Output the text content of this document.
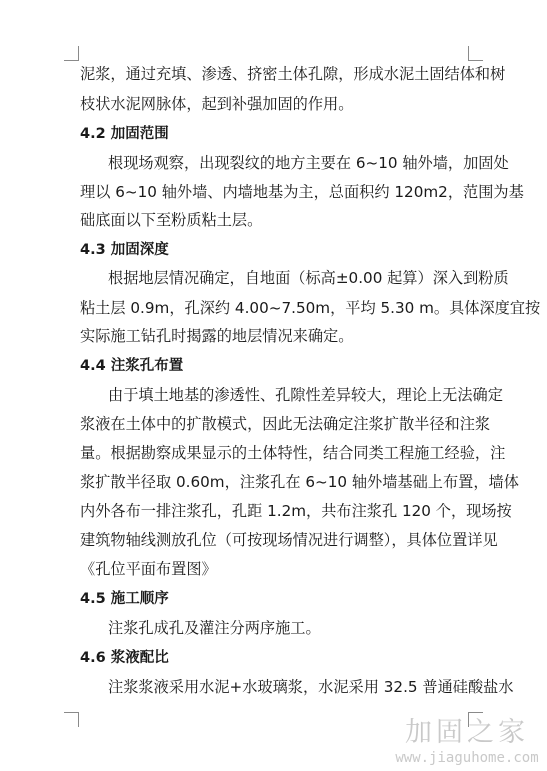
泥浆，通过充填、渗透、挤密土体孔隙，形成水泥土固结体和树
枝状水泥网脉体，起到补强加固的作用。
4.2 加固范围
根现场观察，出现裂纹的地方主要在 6~10 轴外墙，加固处
理以 6~10 轴外墙、内墙地基为主，总面积约 120m2，范围为基
础底面以下至粉质粘土层。
4.3 加固深度
根据地层情况确定，自地面（标高±0.00 起算）深入到粉质
粘土层 0.9m，孔深约 4.00~7.50m，平均 5.30 m。具体深度宜按
实际施工钻孔时揭露的地层情况来确定。
4.4 注浆孔布置
由于填土地基的渗透性、孔隙性差异较大，理论上无法确定
浆液在土体中的扩散模式，因此无法确定注浆扩散半径和注浆
量。根据勘察成果显示的土体特性，结合同类工程施工经验，注
浆扩散半径取 0.60m，注浆孔在 6~10 轴外墙基础上布置，墙体
内外各布一排注浆孔，孔距 1.2m，共布注浆孔 120 个，现场按
建筑物轴线测放孔位（可按现场情况进行调整），具体位置详见
《孔位平面布置图》
4.5 施工顺序
注浆孔成孔及灌注分两序施工。
4.6 浆液配比
注浆浆液采用水泥+水玻璃浆，水泥采用 32.5 普通硅酸盐水
加固之家
www.jiaguhome.com
